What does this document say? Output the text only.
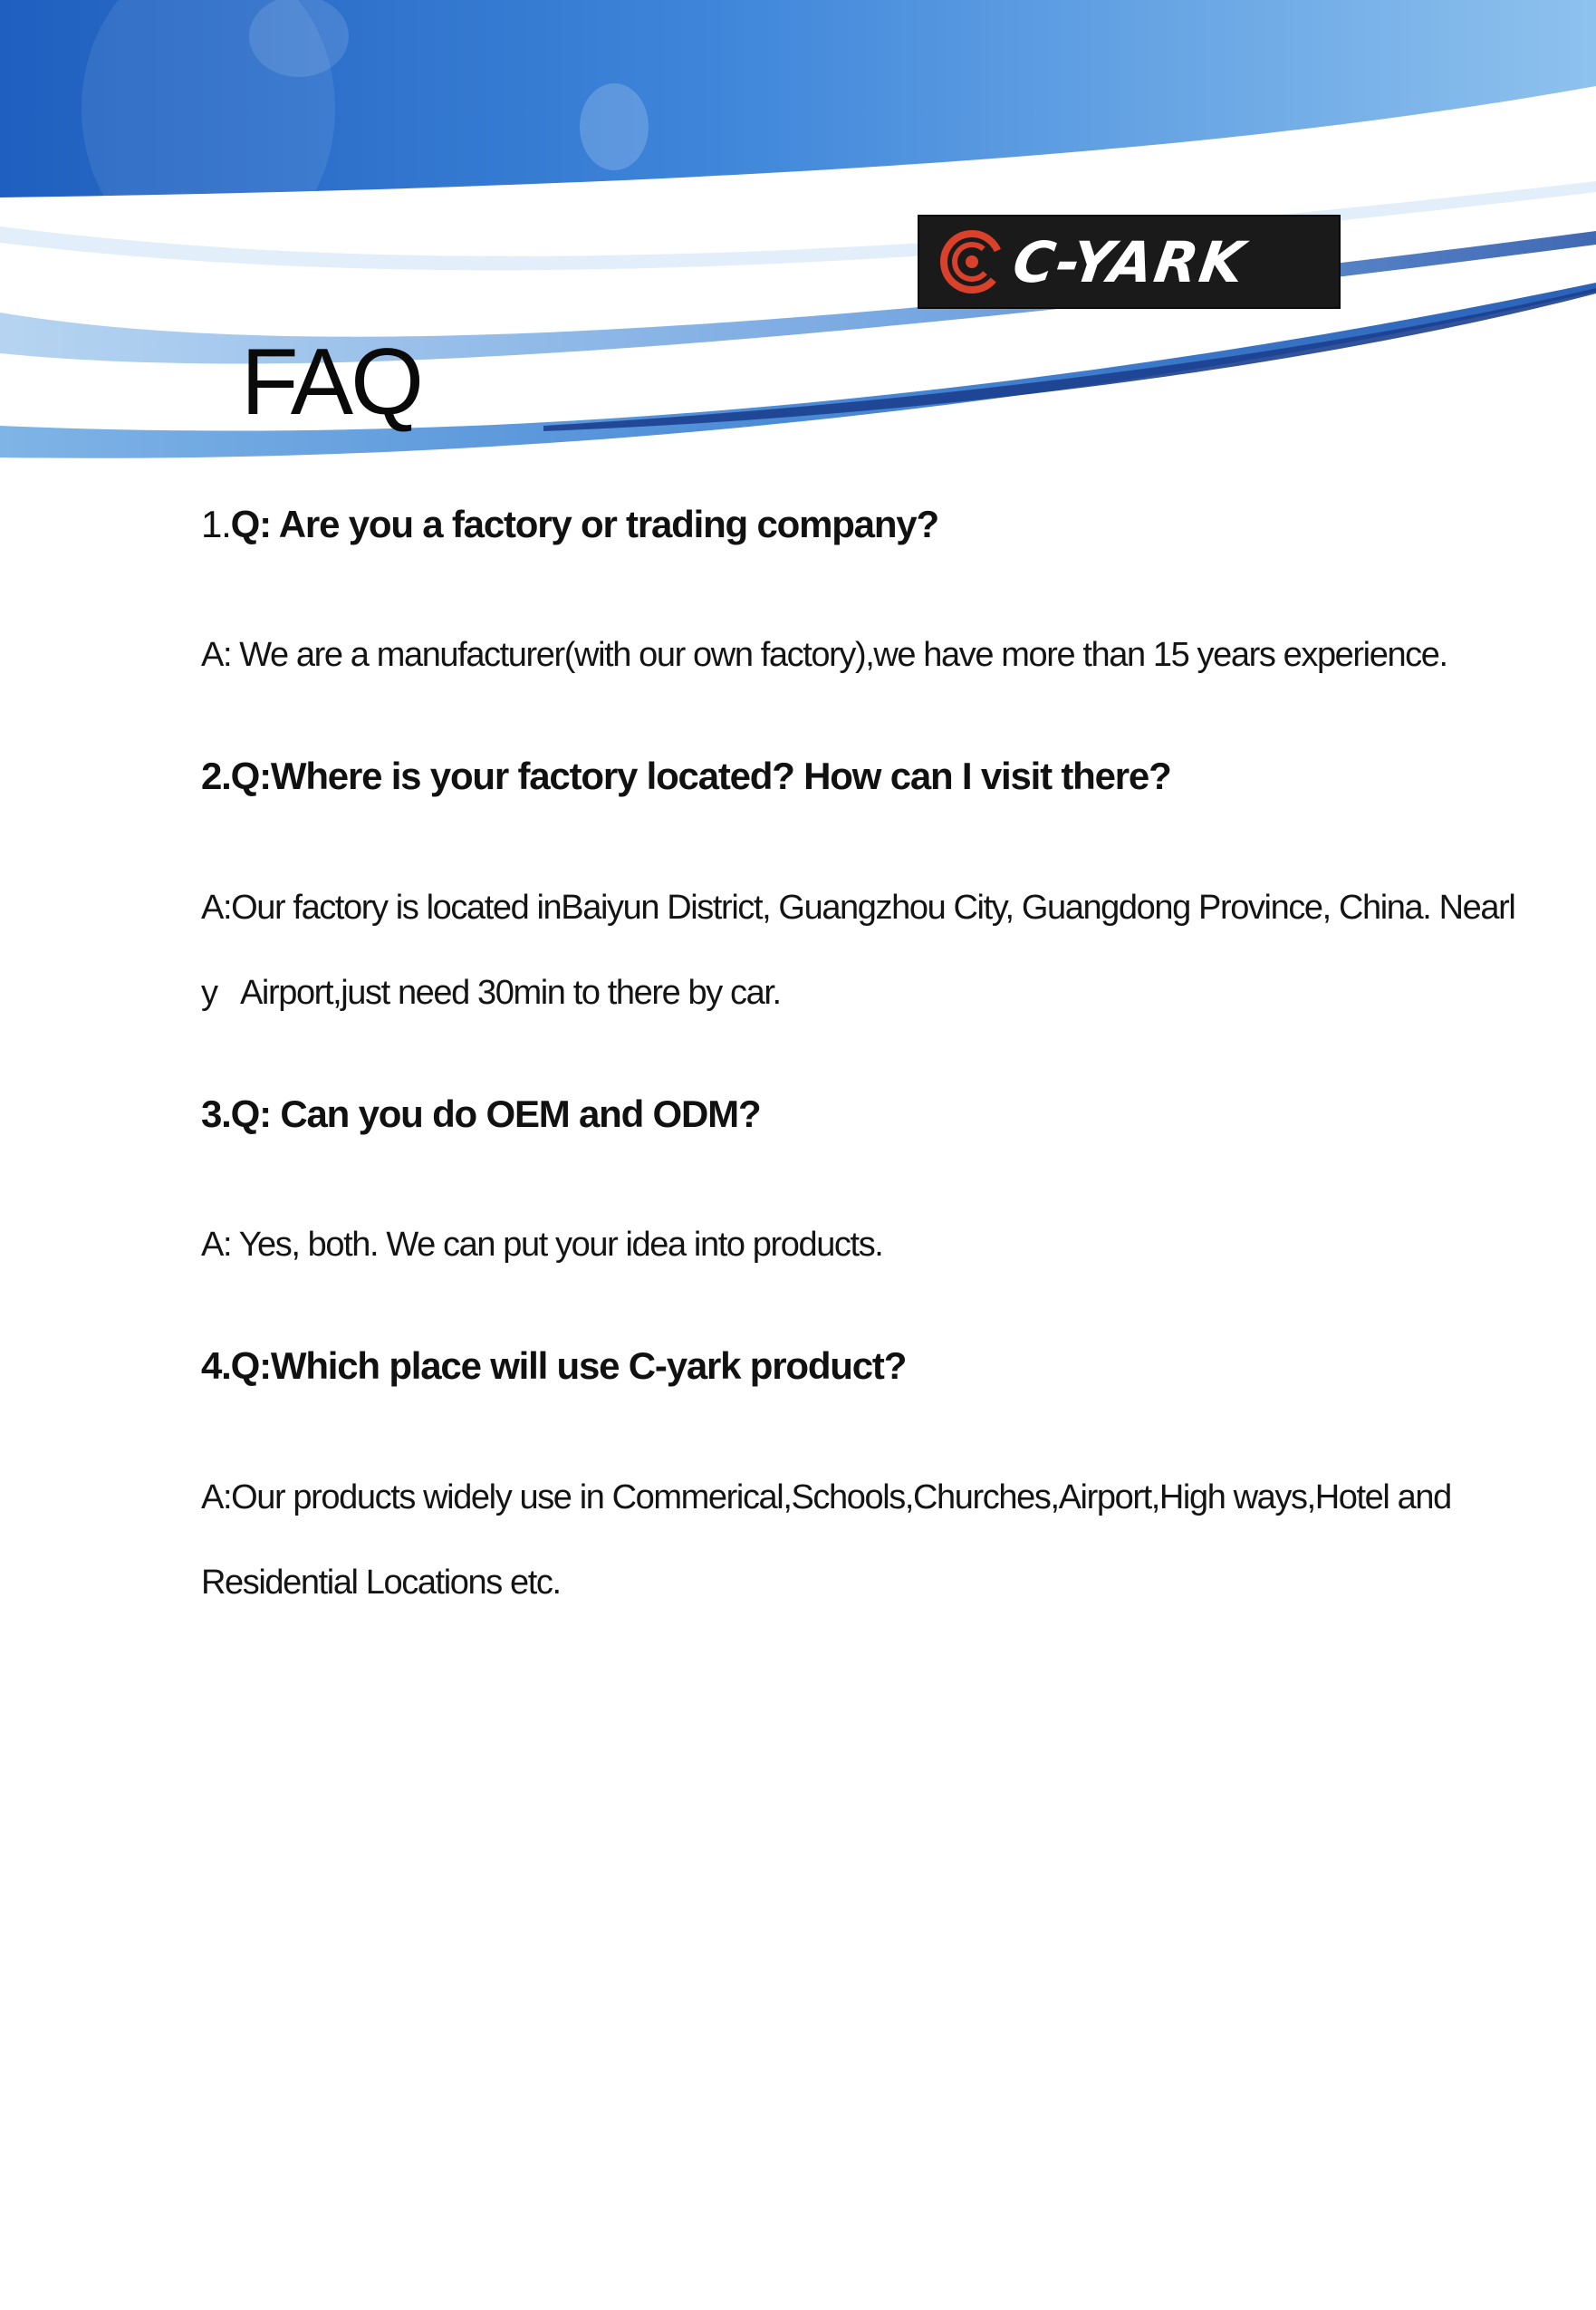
C-YARK
FAQ

1.Q: Are you a factory or trading company?

A: We are a manufacturer(with our own factory),we have more than 15 years experience.

2.Q:Where is your factory located? How can I visit there?

A:Our factory is located inBaiyun District, Guangzhou City, Guangdong Province, China. Nearl

y   Airport,just need 30min to there by car.

3.Q: Can you do OEM and ODM?

A: Yes, both. We can put your idea into products.

4.Q:Which place will use C-yark product?

A:Our products widely use in Commerical,Schools,Churches,Airport,High ways,Hotel and

Residential Locations etc.
